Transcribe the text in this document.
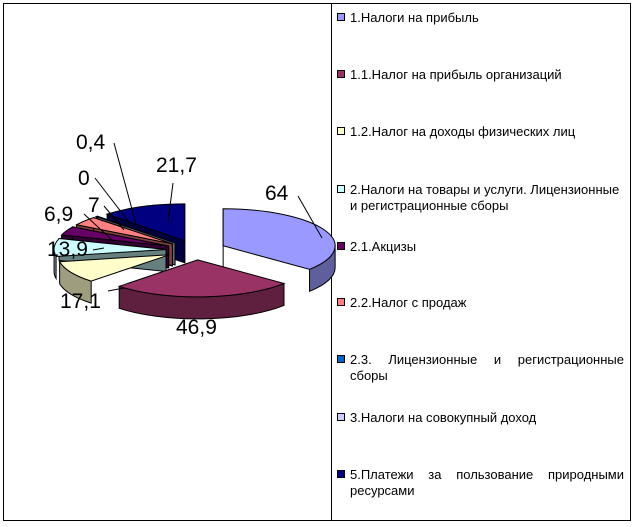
64
46,9
17,1
13,9
6,9 7
0
0,4
21,7
1.Налоги на прибыль
1.1.Налог на прибыль организаций
1.2.Налог на доходы физических лиц
2.Налоги на товары и услуги. Лицензионные и регистрационные сборы
2.1.Акцизы
2.2.Налог с продаж
2.3. Лицензионные и регистрационные сборы
3.Налоги на совокупный доход
5.Платежи за пользование природными ресурсами
